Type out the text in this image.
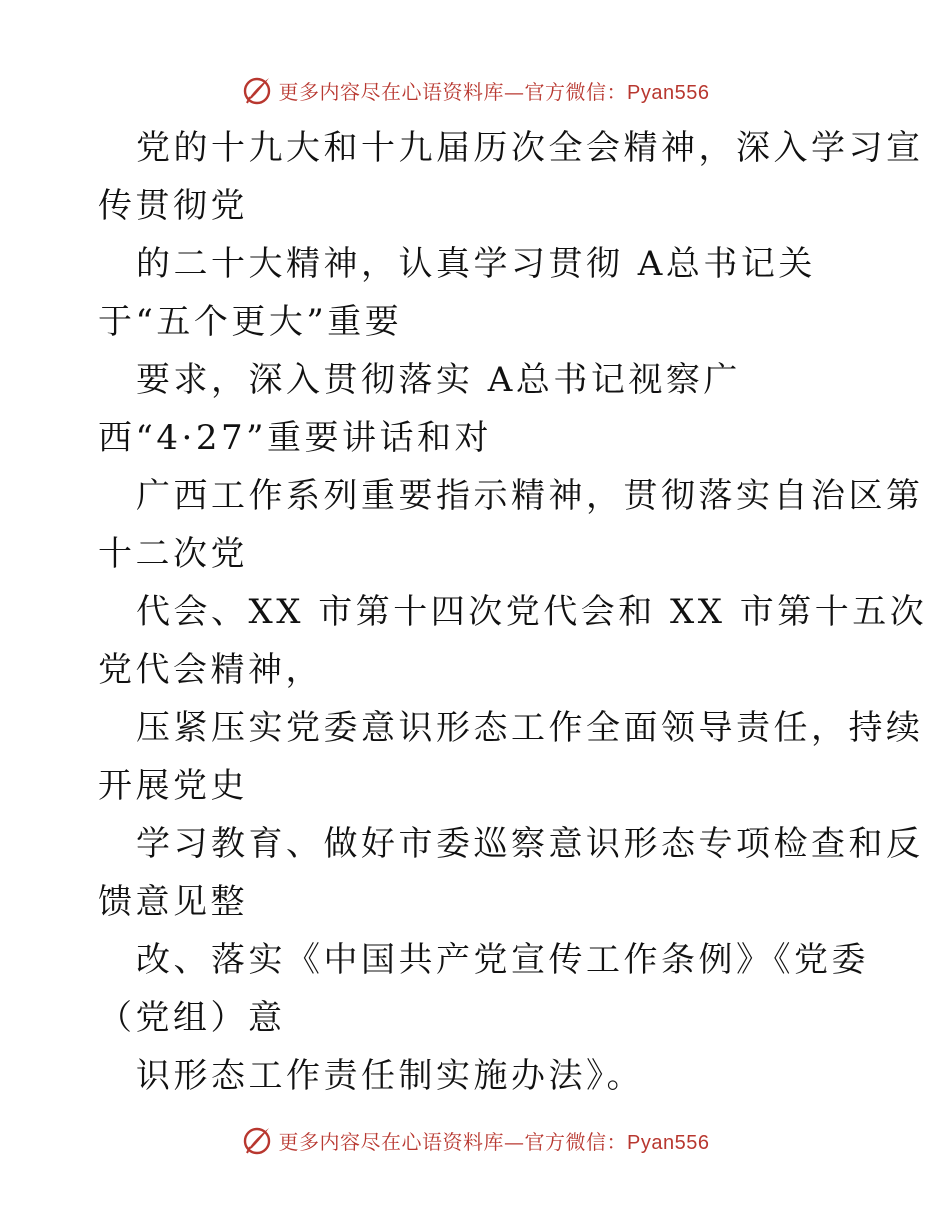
更多内容尽在心语资料库—官方微信：Pyan556
党的十九大和十九届历次全会精神，深入学习宣
传贯彻党
的二十大精神，认真学习贯彻 A总书记关
于“五个更大”重要
要求，深入贯彻落实 A总书记视察广
西“4·27”重要讲话和对
广西工作系列重要指示精神，贯彻落实自治区第
十二次党
代会、XX 市第十四次党代会和 XX 市第十五次
党代会精神，
压紧压实党委意识形态工作全面领导责任，持续
开展党史
学习教育、做好市委巡察意识形态专项检查和反
馈意见整
改、落实《中国共产党宣传工作条例》《党委
（党组）意
识形态工作责任制实施办法》。
更多内容尽在心语资料库—官方微信：Pyan556
